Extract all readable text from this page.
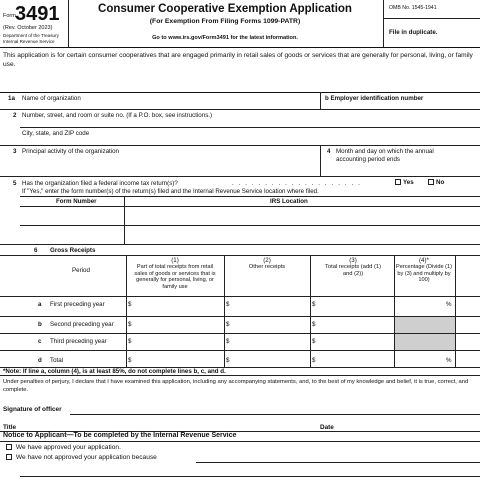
Form 3491
(Rev. October 2023)
Department of the Treasury
Internal Revenue Service
Consumer Cooperative Exemption Application
(For Exemption From Filing Forms 1099-PATR)
Go to www.irs.gov/Form3491 for the latest information.
OMB No. 1545-1941
File in duplicate.
This application is for certain consumer cooperatives that are engaged primarily in retail sales of goods or services that are generally for personal, living, or family use.
1a Name of organization	b Employer identification number
2 Number, street, and room or suite no. (If a P.O. box, see instructions.)
City, state, and ZIP code
3 Principal activity of the organization	4 Month and day on which the annual
accounting period ends
5 Has the organization filed a federal income tax return(s)?	. . . . . . . . . . . . . . . . . . . .	Yes	No
If "Yes," enter the form number(s) of the return(s) filed and the Internal Revenue Service location where filed.
Form Number	IRS Location
6 Gross Receipts
Period
(1)
Part of total receipts from retail sales of goods or services that is generally for personal, living, or family use
(2)
Other receipts
(3)
Total receipts (add (1) and (2))
(4)*
Percentage (Divide (1) by (3) and multiply by 100)
a First preceding year	$	$	$	%
b Second preceding year $	$	$
c Third preceding year	$	$	$
d Total	$	$	$	%
*Note: If line a, column (4), is at least 85%, do not complete lines b, c, and d.
Under penalties of perjury, I declare that I have examined this application, including any accompanying statements, and, to the best of my knowledge and belief, it is true, correct, and complete.
Signature of officer
Title	Date
Notice to Applicant—To be completed by the Internal Revenue Service
We have approved your application.
We have not approved your application because
